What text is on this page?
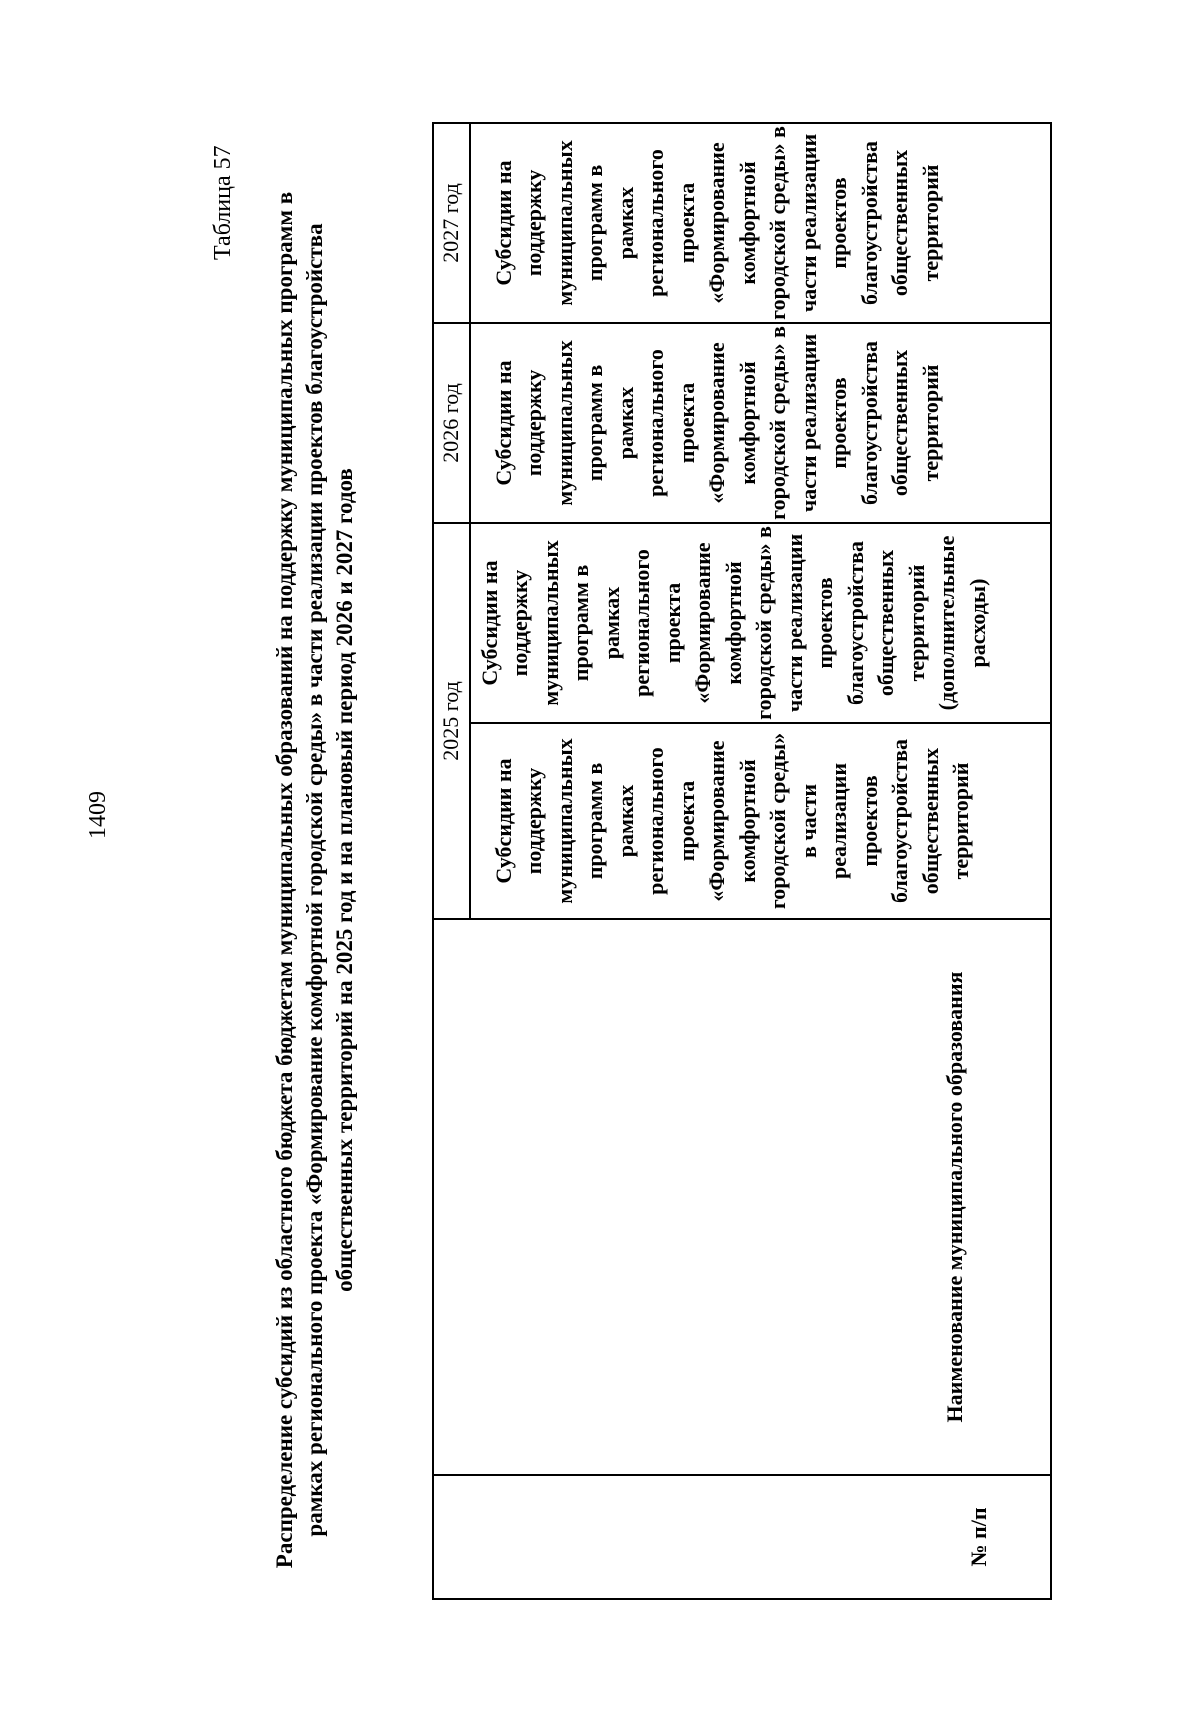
1409
Таблица 57 Распределение субсидий из областного бюджета бюджетам муниципальных образований на поддержку муниципальных программ в рамках регионального проекта «Формирование комфортной городской среды» в части реализации проектов благоустройства общественных территорий на 2025 год и на плановый период 2026 и 2027 годов
№ п/п	Наименование муниципального образования	2025 год		2026 год	2027 год

		Субсидии на поддержку муниципальных программ в рамках регионального проекта «Формирование комфортной городской среды» в части реализации проектов благоустройства общественных территорий	Субсидии на поддержку муниципальных программ в рамках регионального проекта «Формирование комфортной городской среды» в части реализации проектов благоустройства общественных территорий (дополнительные расходы)	Субсидии на поддержку муниципальных программ в рамках регионального проекта «Формирование комфортной городской среды» в части реализации проектов благоустройства общественных территорий	Субсидии на поддержку муниципальных программ в рамках регионального проекта «Формирование комфортной городской среды» в части реализации проектов благоустройства общественных территорий
